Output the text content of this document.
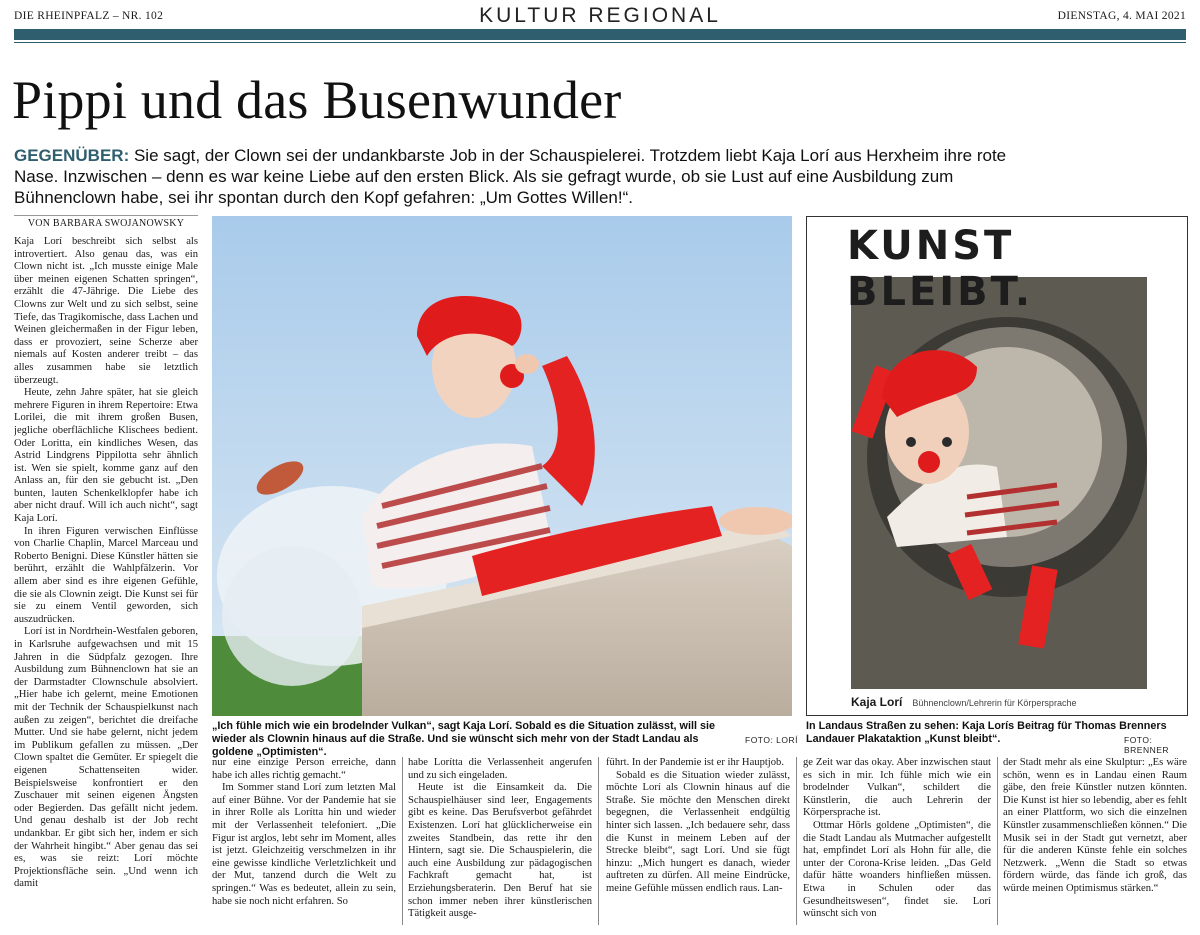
DIE RHEINPFALZ – NR. 102	KULTUR REGIONAL	DIENSTAG, 4. MAI 2021
Pippi und das Busenwunder
GEGENÜBER: Sie sagt, der Clown sei der undankbarste Job in der Schauspielerei. Trotzdem liebt Kaja Lorí aus Herxheim ihre rote Nase. Inzwischen – denn es war keine Liebe auf den ersten Blick. Als sie gefragt wurde, ob sie Lust auf eine Ausbildung zum Bühnenclown habe, sei ihr spontan durch den Kopf gefahren: „Um Gottes Willen!“.
VON BARBARA SWOJANOWSKY

Kaja Lorí beschreibt sich selbst als introvertiert. Also genau das, was ein Clown nicht ist. „Ich musste einige Male über meinen eigenen Schatten springen“, erzählt die 47-Jährige. Die Liebe des Clowns zur Welt und zu sich selbst, seine Tiefe, das Tragikomische, dass Lachen und Weinen gleichermaßen in der Figur leben, dass er provoziert, seine Scherze aber niemals auf Kosten anderer treibt – das alles zusammen habe sie letztlich überzeugt.

Heute, zehn Jahre später, hat sie gleich mehrere Figuren in ihrem Repertoire: Etwa Lorilei, die mit ihrem großen Busen, jegliche oberflächliche Klischees bedient. Oder Loritta, ein kindliches Wesen, das Astrid Lindgrens Pippilotta sehr ähnlich ist. Wen sie spielt, komme ganz auf den Anlass an, für den sie gebucht ist. „Den bunten, lauten Schenkelklopfer habe ich aber nicht drauf. Will ich auch nicht“, sagt Kaja Lorí.

In ihren Figuren verwischen Einflüsse von Charlie Chaplin, Marcel Marceau und Roberto Benigni. Diese Künstler hätten sie berührt, erzählt die Wahlpfälzerin. Vor allem aber sind es ihre eigenen Gefühle, die sie als Clownin zeigt. Die Kunst sei für sie zu einem Ventil geworden, sich auszudrücken.

Lorí ist in Nordrhein-Westfalen geboren, in Karlsruhe aufgewachsen und mit 15 Jahren in die Südpfalz gezogen. Ihre Ausbildung zum Bühnenclown hat sie an der Darmstadter Clownschule absolviert. „Hier habe ich gelernt, meine Emotionen mit der Technik der Schauspielkunst nach außen zu zeigen“, berichtet die dreifache Mutter. Und sie habe gelernt, nicht jedem im Publikum gefallen zu müssen. „Der Clown spaltet die Gemüter. Er spiegelt die eigenen Schattenseiten wider. Beispielsweise konfrontiert er den Zuschauer mit seinen eigenen Ängsten oder Begierden. Das gefällt nicht jedem. Und genau deshalb ist der Job recht undankbar. Er gibt sich her, indem er sich der Wahrheit hingibt.“ Aber genau das sei es, was sie reizt: Lorí möchte Projektionsfläche sein. „Und wenn ich damit

„Ich fühle mich wie ein brodelnder Vulkan“, sagt Kaja Lorí. Sobald es die Situation zulässt, will sie wieder als Clownin hinaus auf die Straße. Und sie wünscht sich mehr von der Stadt Landau als goldene „Optimisten“.
FOTO: LORÍ
KUNST BLEIBT.
Kaja Lorí Bühnenclown/Lehrerin für Körpersprache
In Landaus Straßen zu sehen: Kaja Lorís Beitrag für Thomas Brenners Landauer Plakataktion „Kunst bleibt“.	FOTO: BRENNER

nur eine einzige Person erreiche, dann habe ich alles richtig gemacht.“

Im Sommer stand Lorí zum letzten Mal auf einer Bühne. Vor der Pandemie hat sie in ihrer Rolle als Lorítta hin und wieder mit der Verlassenheit telefoniert. „Die Figur ist arglos, lebt sehr im Moment, alles ist jetzt. Gleichzeitig verschmelzen in ihr eine gewisse kindliche Verletzlichkeit und der Mut, tanzend durch die Welt zu springen.“ Was es bedeutet, allein zu sein, habe sie noch nicht erfahren. So

habe Lorítta die Verlassenheit angerufen und zu sich eingeladen.

Heute ist die Einsamkeit da. Die Schauspielhäuser sind leer, Engagements gibt es keine. Das Berufsverbot gefährdet Existenzen. Lorí hat glücklicherweise ein zweites Standbein, das rette ihr den Hintern, sagt sie. Die Schauspielerin, die auch eine Ausbildung zur pädagogischen Fachkraft gemacht hat, ist Erziehungsberaterin. Den Beruf hat sie schon immer neben ihrer künstlerischen Tätigkeit ausge-

führt. In der Pandemie ist er ihr Hauptjob.

Sobald es die Situation wieder zulässt, möchte Lorí als Clownin hinaus auf die Straße. Sie möchte den Menschen direkt begegnen, die Verlassenheit endgültig hinter sich lassen. „Ich bedauere sehr, dass die Kunst in meinem Leben auf der Strecke bleibt“, sagt Lorí. Und sie fügt hinzu: „Mich hungert es danach, wieder auftreten zu dürfen. All meine Eindrücke, meine Gefühle müssen endlich raus. Lan-

ge Zeit war das okay. Aber inzwischen staut es sich in mir. Ich fühle mich wie ein brodelnder Vulkan“, schildert die Künstlerin, die auch Lehrerin der Körpersprache ist.

Ottmar Hörls goldene „Optimisten“, die die Stadt Landau als Mutmacher aufgestellt hat, empfindet Lorí als Hohn für alle, die unter der Corona-Krise leiden. „Das Geld dafür hätte woanders hinfließen müssen. Etwa in Schulen oder das Gesundheitswesen“, findet sie. Lorí wünscht sich von

der Stadt mehr als eine Skulptur: „Es wäre schön, wenn es in Landau einen Raum gäbe, den freie Künstler nutzen könnten. Die Kunst ist hier so lebendig, aber es fehlt an einer Plattform, wo sich die einzelnen Künstler zusammenschließen können.“ Die Musik sei in der Stadt gut vernetzt, aber für die anderen Künste fehle ein solches Netzwerk. „Wenn die Stadt so etwas fördern würde, das fände ich groß, das würde meinen Optimismus stärken.“
